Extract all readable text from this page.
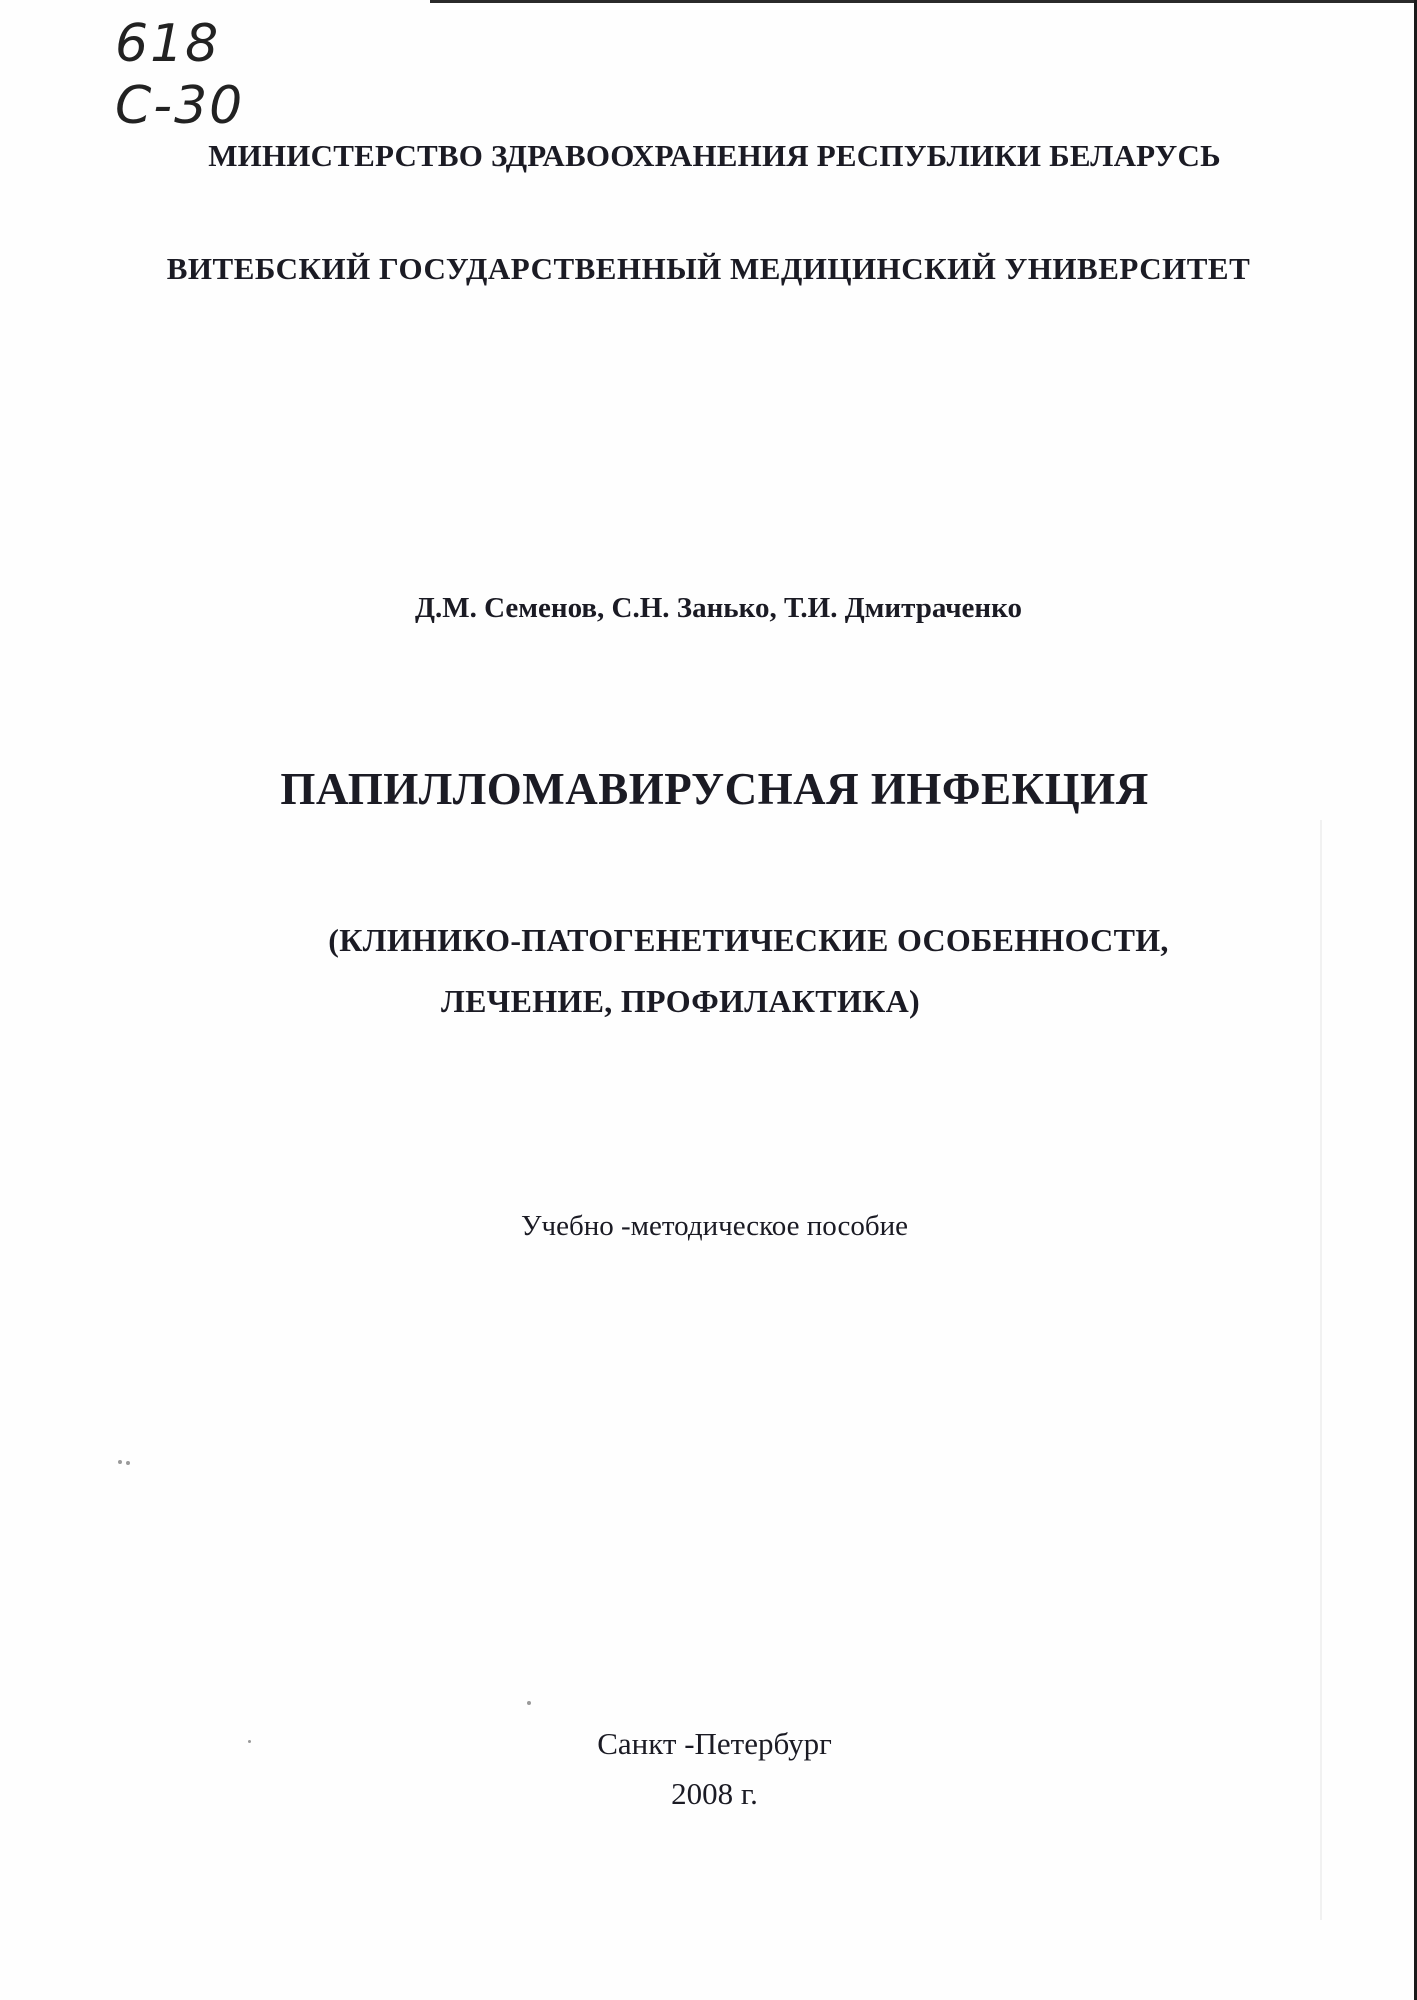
618
С-30
МИНИСТЕРСТВО ЗДРАВООХРАНЕНИЯ РЕСПУБЛИКИ БЕЛАРУСЬ
ВИТЕБСКИЙ ГОСУДАРСТВЕННЫЙ МЕДИЦИНСКИЙ УНИВЕРСИТЕТ
Д.М. Семенов, С.Н. Занько, Т.И. Дмитраченко
ПАПИЛЛОМАВИРУСНАЯ ИНФЕКЦИЯ
(КЛИНИКО-ПАТОГЕНЕТИЧЕСКИЕ ОСОБЕННОСТИ,
ЛЕЧЕНИЕ, ПРОФИЛАКТИКА)
Учебно -методическое пособие
Санкт -Петербург
2008 г.
